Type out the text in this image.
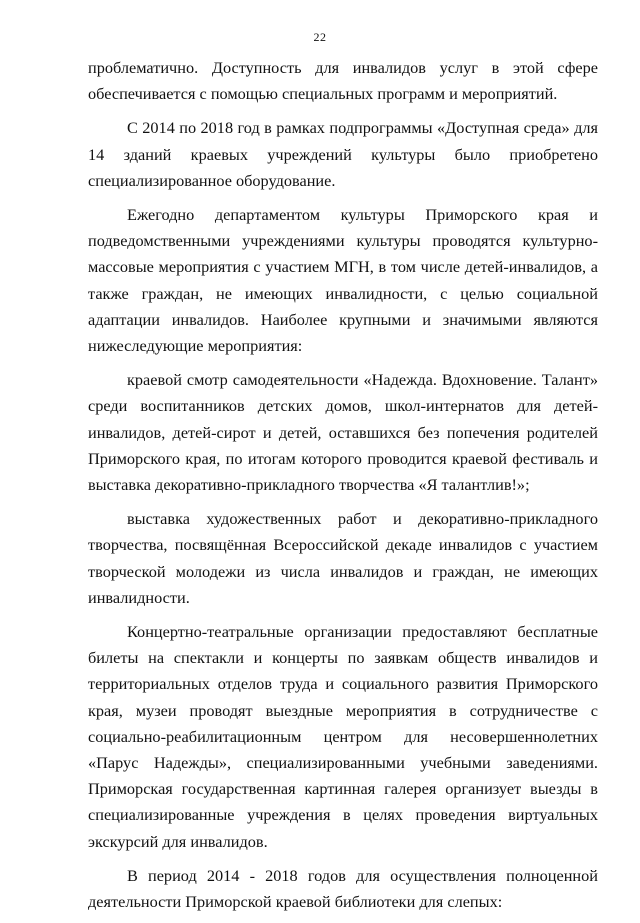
22

проблематично. Доступность для инвалидов услуг в этой сфере обеспечивается с помощью специальных программ и мероприятий.

С 2014 по 2018 год в рамках подпрограммы «Доступная среда» для 14 зданий краевых учреждений культуры было приобретено специализированное оборудование.

Ежегодно департаментом культуры Приморского края и подведомственными учреждениями культуры проводятся культурно-массовые мероприятия с участием МГН, в том числе детей-инвалидов, а также граждан, не имеющих инвалидности, с целью социальной адаптации инвалидов. Наиболее крупными и значимыми являются нижеследующие мероприятия:

краевой смотр самодеятельности «Надежда. Вдохновение. Талант» среди воспитанников детских домов, школ-интернатов для детей-инвалидов, детей-сирот и детей, оставшихся без попечения родителей Приморского края, по итогам которого проводится краевой фестиваль и выставка декоративно-прикладного творчества «Я талантлив!»;

выставка художественных работ и декоративно-прикладного творчества, посвящённая Всероссийской декаде инвалидов с участием творческой молодежи из числа инвалидов и граждан, не имеющих инвалидности.

Концертно-театральные организации предоставляют бесплатные билеты на спектакли и концерты по заявкам обществ инвалидов и территориальных отделов труда и социального развития Приморского края, музеи проводят выездные мероприятия в сотрудничестве с социально-реабилитационным центром для несовершеннолетних «Парус Надежды», специализированными учебными заведениями. Приморская государственная картинная галерея организует выезды в специализированные учреждения в целях проведения виртуальных экскурсий для инвалидов.

В период 2014 - 2018 годов для осуществления полноценной деятельности Приморской краевой библиотеки для слепых:
